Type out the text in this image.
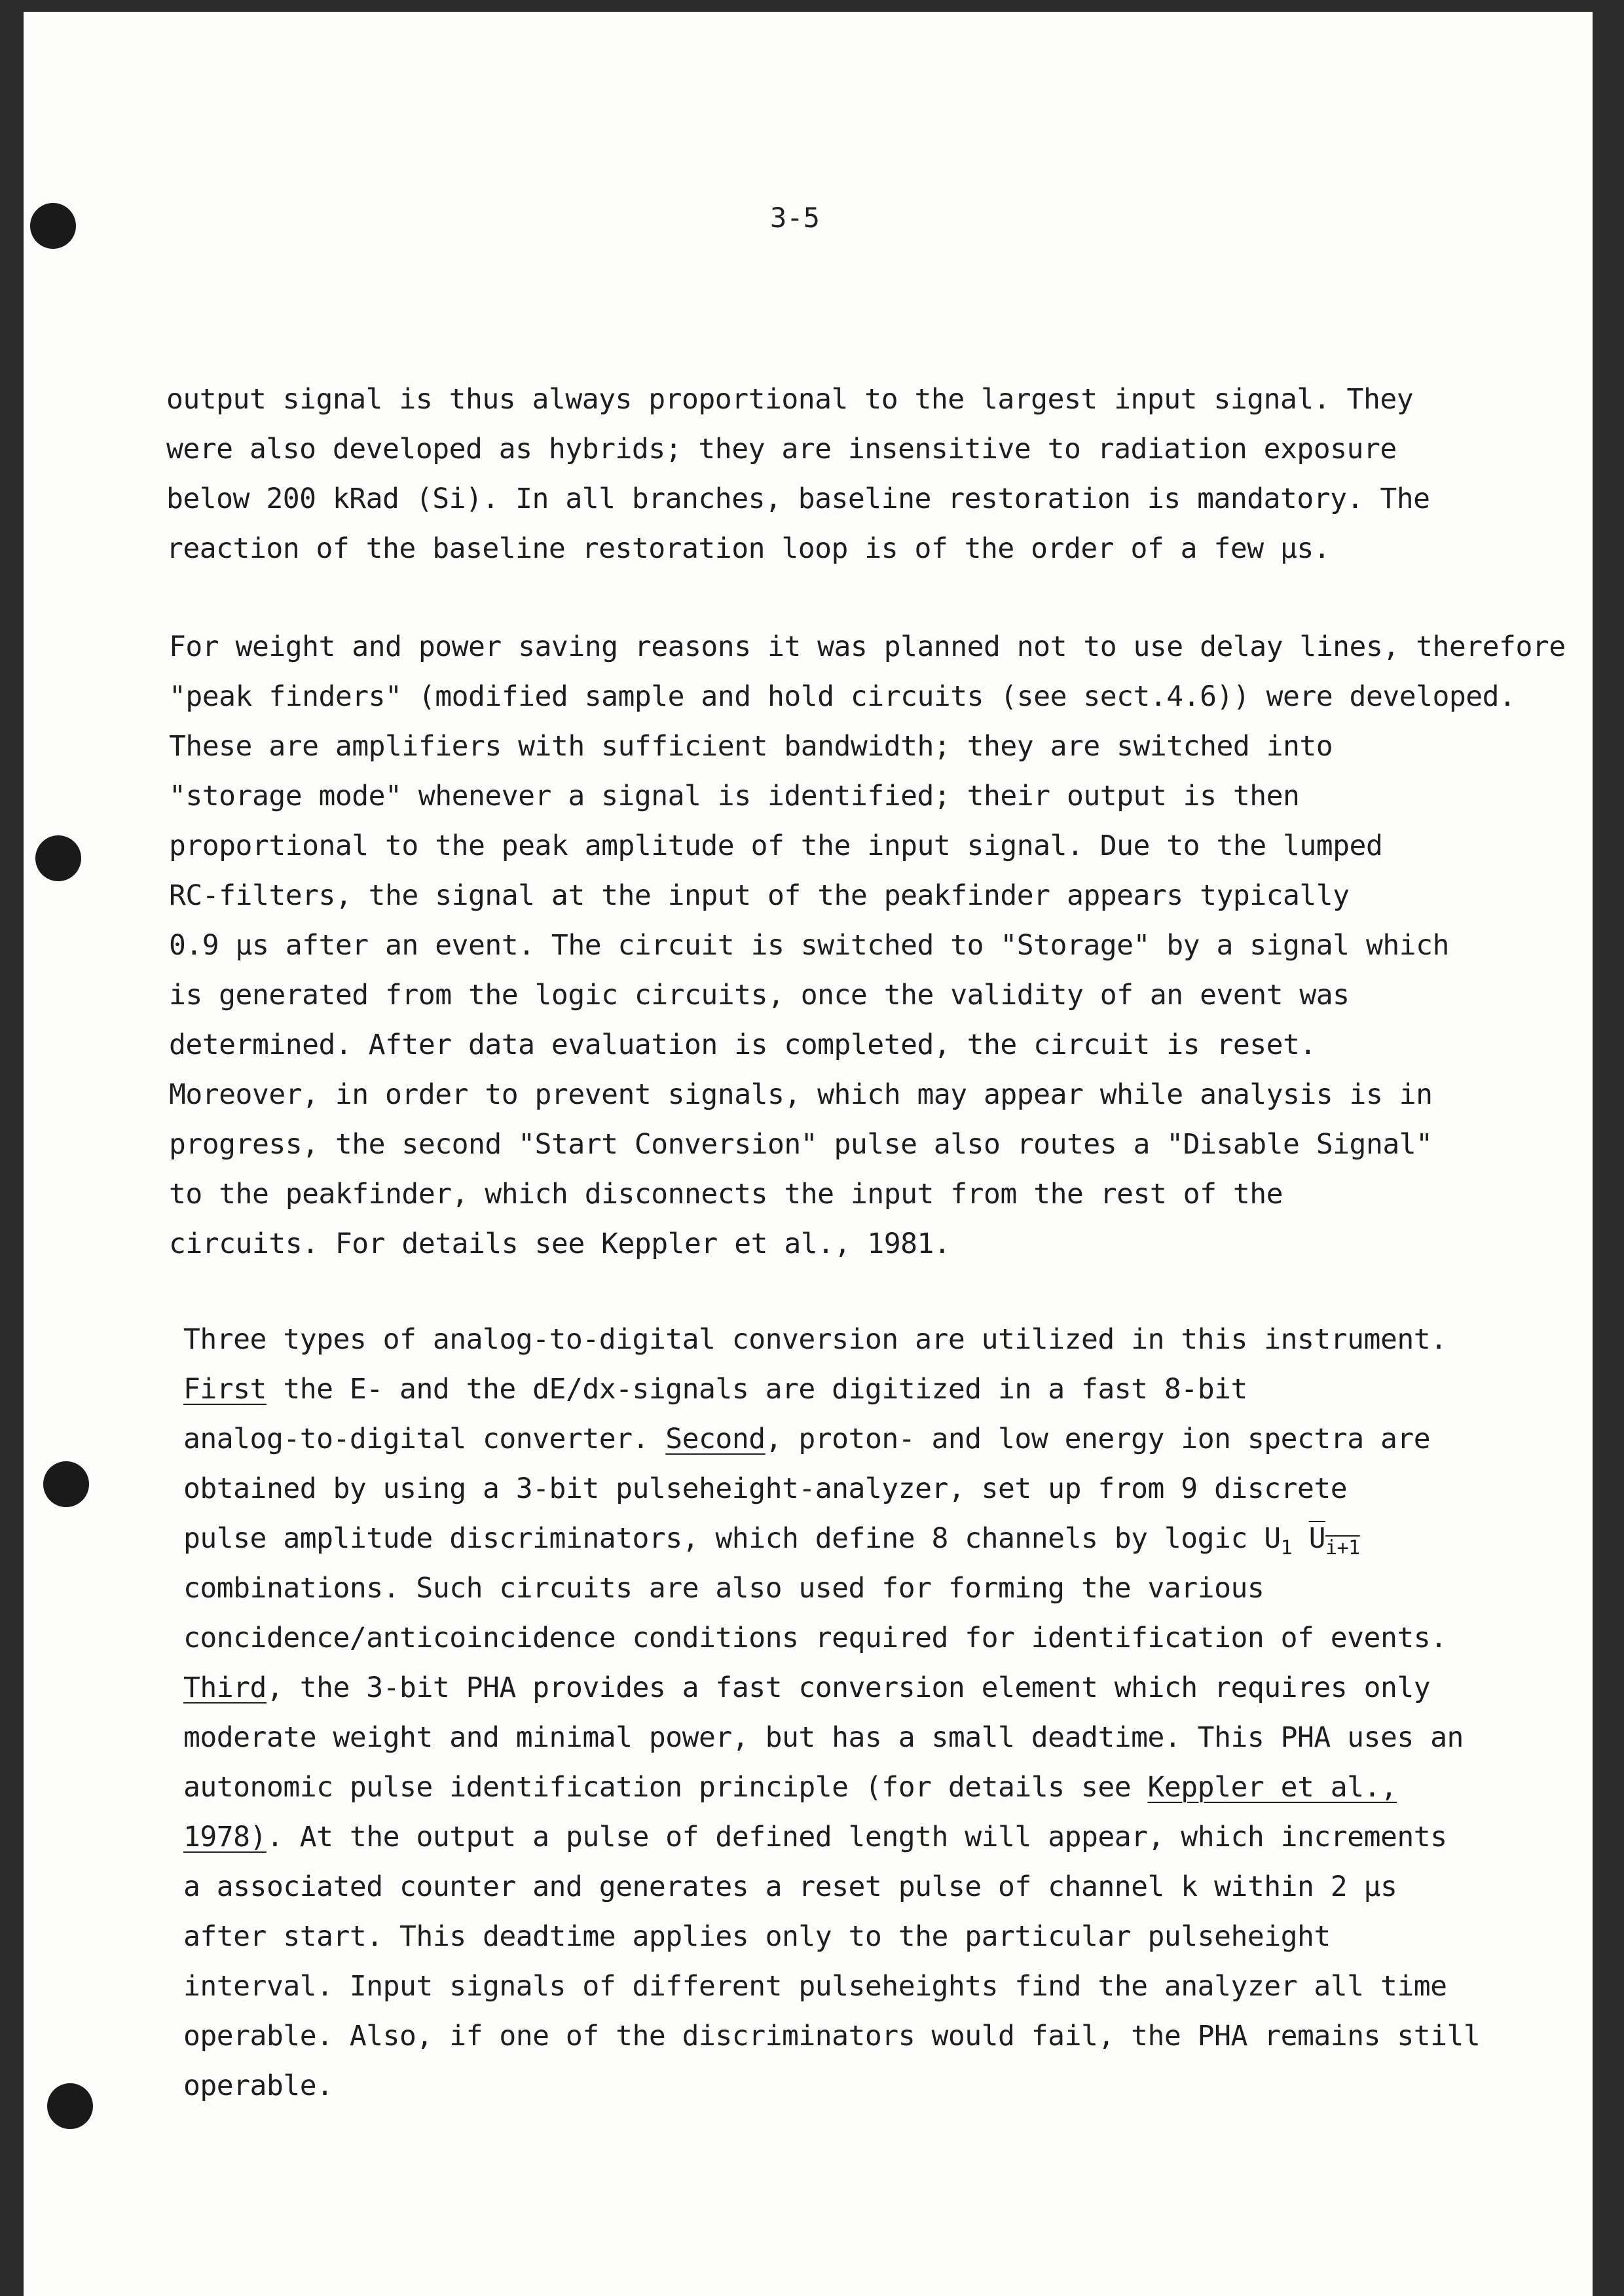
3-5
output signal is thus always proportional to the largest input signal. They
were also developed as hybrids; they are insensitive to radiation exposure
below 200 kRad (Si). In all branches, baseline restoration is mandatory. The
reaction of the baseline restoration loop is of the order of a few µs.
For weight and power saving reasons it was planned not to use delay lines, therefore
"peak finders" (modified sample and hold circuits (see sect.4.6)) were developed.
These are amplifiers with sufficient bandwidth; they are switched into
"storage mode" whenever a signal is identified; their output is then
proportional to the peak amplitude of the input signal. Due to the lumped
RC-filters, the signal at the input of the peakfinder appears typically
0.9 µs after an event. The circuit is switched to "Storage" by a signal which
is generated from the logic circuits, once the validity of an event was
determined. After data evaluation is completed, the circuit is reset.
Moreover, in order to prevent signals, which may appear while analysis is in
progress, the second "Start Conversion" pulse also routes a "Disable Signal"
to the peakfinder, which disconnects the input from the rest of the
circuits. For details see Keppler et al., 1981.
Three types of analog-to-digital conversion are utilized in this instrument.
First the E- and the dE/dx-signals are digitized in a fast 8-bit
analog-to-digital converter. Second, proton- and low energy ion spectra are
obtained by using a 3-bit pulseheight-analyzer, set up from 9 discrete
pulse amplitude discriminators, which define 8 channels by logic $U_1$ $U_{i+1}$
combinations. Such circuits are also used for forming the various
concidence/anticoincidence conditions required for identification of events.
Third, the 3-bit PHA provides a fast conversion element which requires only
moderate weight and minimal power, but has a small deadtime. This PHA uses an
autonomic pulse identification principle (for details see Keppler et al.,
1978). At the output a pulse of defined length will appear, which increments
a associated counter and generates a reset pulse of channel k within 2 µs
after start. This deadtime applies only to the particular pulseheight
interval. Input signals of different pulseheights find the analyzer all time
operable. Also, if one of the discriminators would fail, the PHA remains still
operable.
